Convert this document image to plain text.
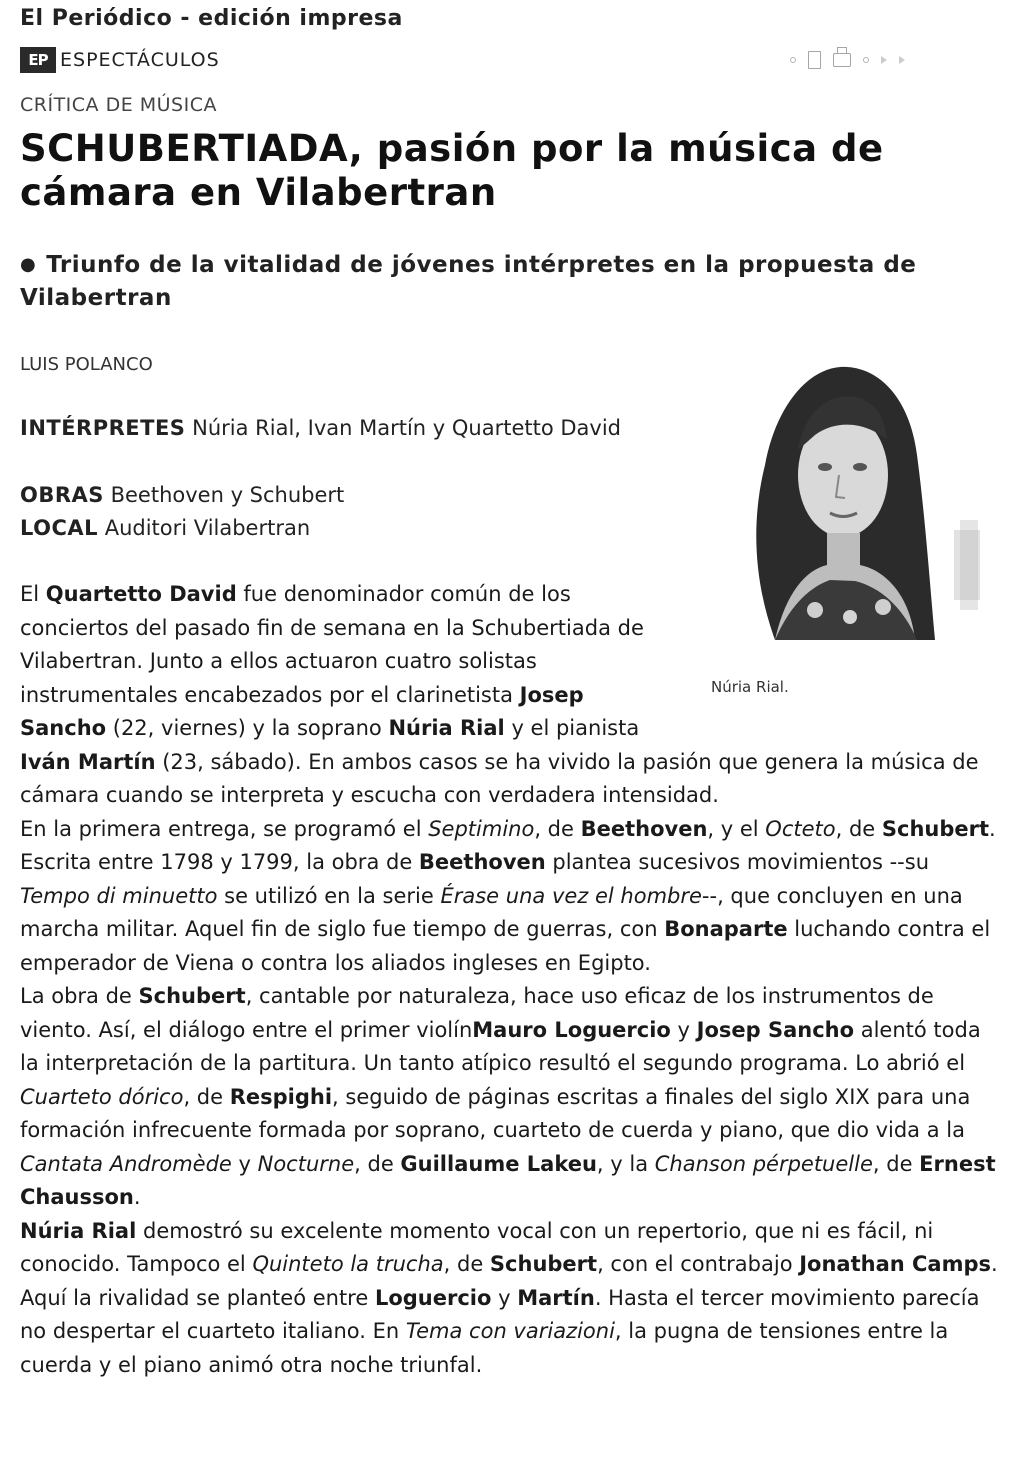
El Periódico - edición impresa
EP ESPECTÁCULOS
CRÍTICA DE MÚSICA
SCHUBERTIADA, pasión por la música de cámara en Vilabertran

● Triunfo de la vitalidad de jóvenes intérpretes en la propuesta de Vilabertran

LUIS POLANCO
INTÉRPRETES Núria Rial, Ivan Martín y Quartetto David
OBRAS Beethoven y Schubert
LOCAL Auditori Vilabertran
Núria Rial.

El Quartetto David fue denominador común de los conciertos del pasado fin de semana en la Schubertiada de Vilabertran. Junto a ellos actuaron cuatro solistas instrumentales encabezados por el clarinetista Josep Sancho (22, viernes) y la soprano Núria Rial y el pianista Iván Martín (23, sábado). En ambos casos se ha vivido la pasión que genera la música de cámara cuando se interpreta y escucha con verdadera intensidad.

En la primera entrega, se programó el Septimino, de Beethoven, y el Octeto, de Schubert. Escrita entre 1798 y 1799, la obra de Beethoven plantea sucesivos movimientos --su Tempo di minuetto se utilizó en la serie Érase una vez el hombre--, que concluyen en una marcha militar. Aquel fin de siglo fue tiempo de guerras, con Bonaparte luchando contra el emperador de Viena o contra los aliados ingleses en Egipto.

La obra de Schubert, cantable por naturaleza, hace uso eficaz de los instrumentos de viento. Así, el diálogo entre el primer violínMauro Loguercio y Josep Sancho alentó toda la interpretación de la partitura. Un tanto atípico resultó el segundo programa. Lo abrió el Cuarteto dórico, de Respighi, seguido de páginas escritas a finales del siglo XIX para una formación infrecuente formada por soprano, cuarteto de cuerda y piano, que dio vida a la Cantata Andromède y Nocturne, de Guillaume Lakeu, y la Chanson pérpetuelle, de Ernest Chausson.

Núria Rial demostró su excelente momento vocal con un repertorio, que ni es fácil, ni conocido. Tampoco el Quinteto la trucha, de Schubert, con el contrabajo Jonathan Camps. Aquí la rivalidad se planteó entre Loguercio y Martín. Hasta el tercer movimiento parecía no despertar el cuarteto italiano. En Tema con variazioni, la pugna de tensiones entre la cuerda y el piano animó otra noche triunfal.
